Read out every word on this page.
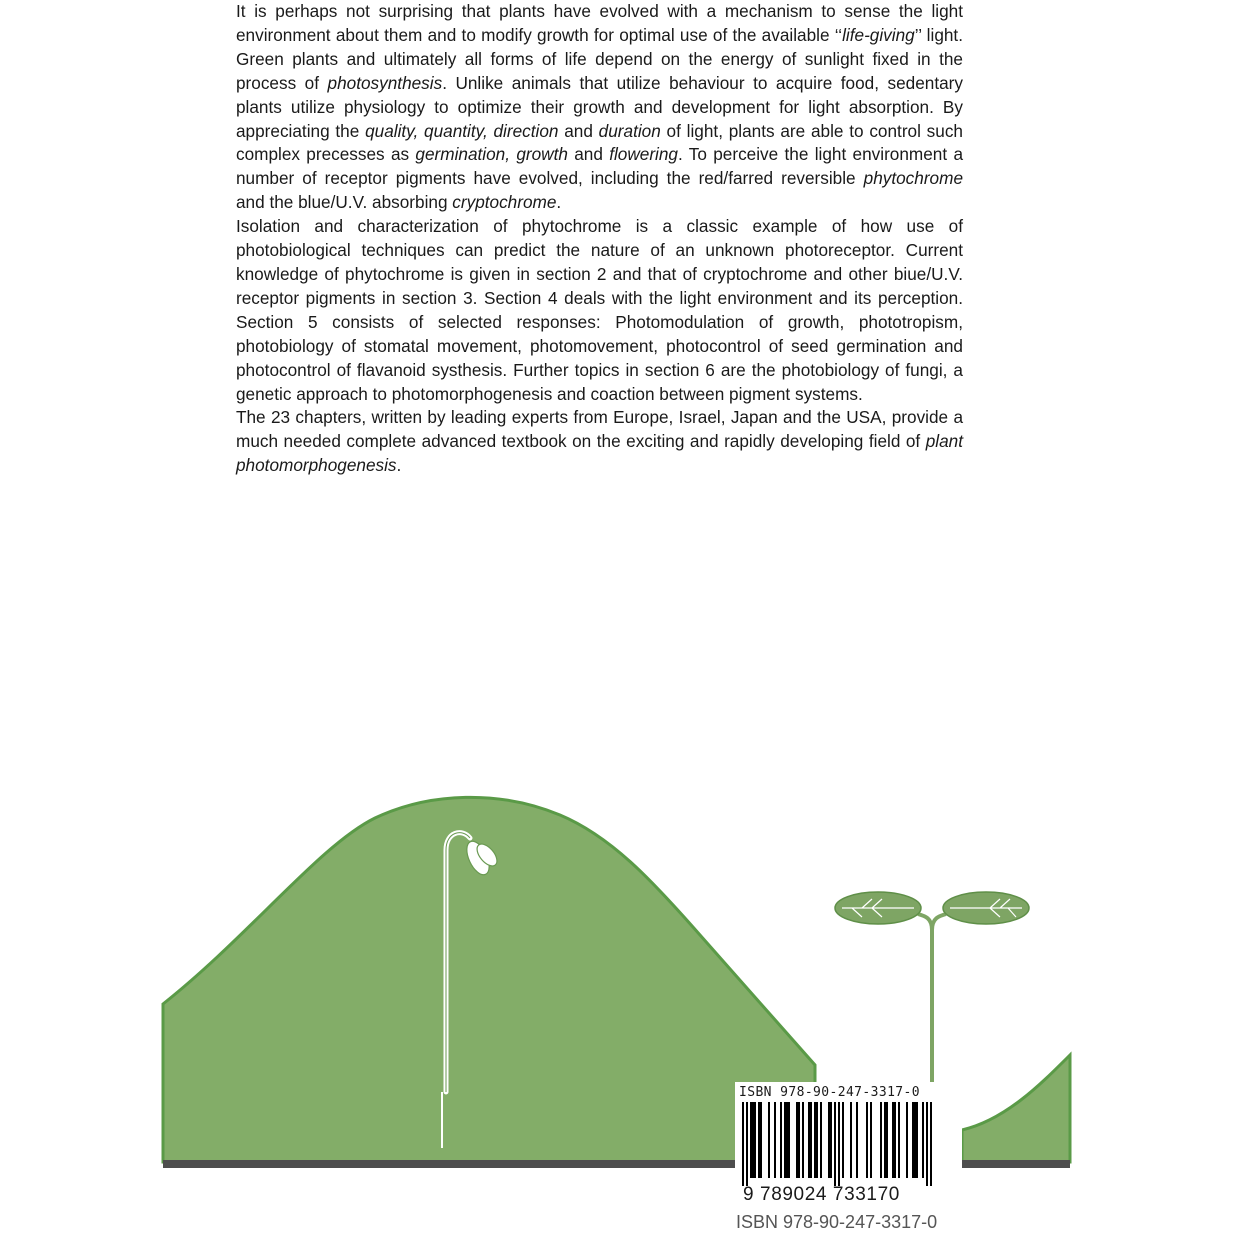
It is perhaps not surprising that plants have evolved with a mechanism to sense the light environment about them and to modify growth for optimal use of the available ‘‘life-giving’’ light. Green plants and ultimately all forms of life depend on the energy of sunlight fixed in the process of photosynthesis. Unlike animals that utilize behaviour to acquire food, sedentary plants utilize physiology to optimize their growth and development for light absorption. By appreciating the quality, quantity, direction and duration of light, plants are able to control such complex precesses as germination, growth and flowering. To perceive the light environment a number of receptor pigments have evolved, including the red/farred reversible phytochrome and the blue/U.V. absorbing cryptochrome.

Isolation and characterization of phytochrome is a classic example of how use of photobiological techniques can predict the nature of an unknown photoreceptor. Current knowledge of phytochrome is given in section 2 and that of cryptochrome and other biue/U.V. receptor pigments in section 3. Section 4 deals with the light environment and its perception. Section 5 consists of selected responses: Photomodulation of growth, phototropism, photobiology of stomatal movement, photomovement, photocontrol of seed germination and photocontrol of flavanoid systhesis. Further topics in section 6 are the photobiology of fungi, a genetic approach to photomorphogenesis and coaction between pigment systems.

The 23 chapters, written by leading experts from Europe, Israel, Japan and the USA, provide a much needed complete advanced textbook on the exciting and rapidly developing field of plant photomorphogenesis.

ISBN 978-90-247-3317-0
9 789024 733170
ISBN 978-90-247-3317-0
